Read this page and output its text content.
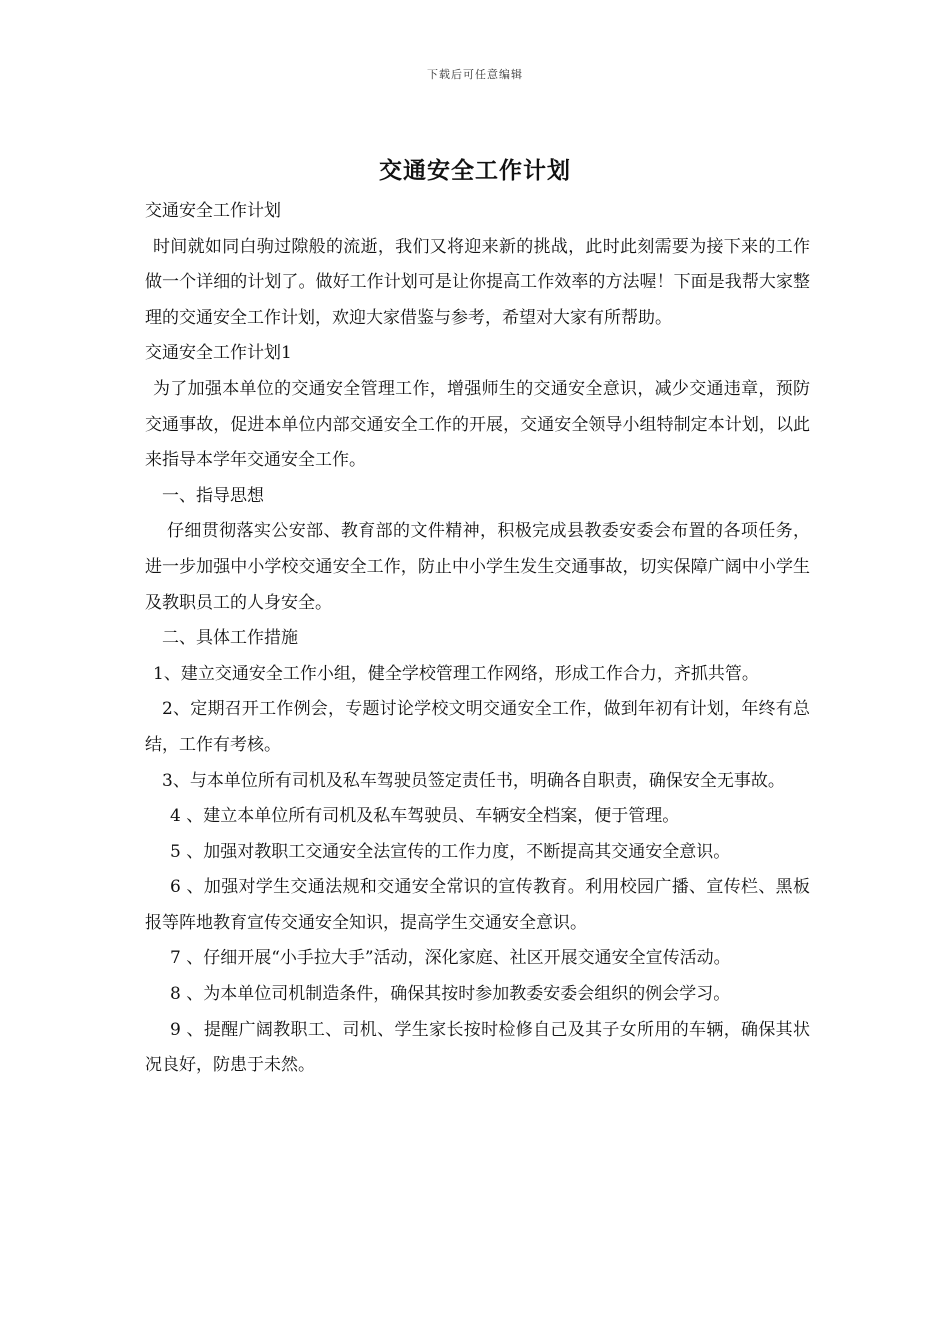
下载后可任意编辑
交通安全工作计划

交通安全工作计划

时间就如同白驹过隙般的流逝，我们又将迎来新的挑战，此时此刻需要为接下来的工作做一个详细的计划了。做好工作计划可是让你提高工作效率的方法喔！下面是我帮大家整理的交通安全工作计划，欢迎大家借鉴与参考，希望对大家有所帮助。

交通安全工作计划1

为了加强本单位的交通安全管理工作，增强师生的交通安全意识，减少交通违章，预防交通事故，促进本单位内部交通安全工作的开展，交通安全领导小组特制定本计划，以此来指导本学年交通安全工作。

一、指导思想

仔细贯彻落实公安部、教育部的文件精神，积极完成县教委安委会布置的各项任务，进一步加强中小学校交通安全工作，防止中小学生发生交通事故，切实保障广阔中小学生及教职员工的人身安全。

二、具体工作措施

1、建立交通安全工作小组，健全学校管理工作网络，形成工作合力，齐抓共管。

2、定期召开工作例会，专题讨论学校文明交通安全工作，做到年初有计划，年终有总结，工作有考核。

3、与本单位所有司机及私车驾驶员签定责任书，明确各自职责，确保安全无事故。

4 、建立本单位所有司机及私车驾驶员、车辆安全档案，便于管理。

5 、加强对教职工交通安全法宣传的工作力度，不断提高其交通安全意识。

6 、加强对学生交通法规和交通安全常识的宣传教育。利用校园广播、宣传栏、黑板报等阵地教育宣传交通安全知识，提高学生交通安全意识。

7 、仔细开展“小手拉大手”活动，深化家庭、社区开展交通安全宣传活动。

8 、为本单位司机制造条件，确保其按时参加教委安委会组织的例会学习。

9 、提醒广阔教职工、司机、学生家长按时检修自己及其子女所用的车辆，确保其状况良好，防患于未然。
